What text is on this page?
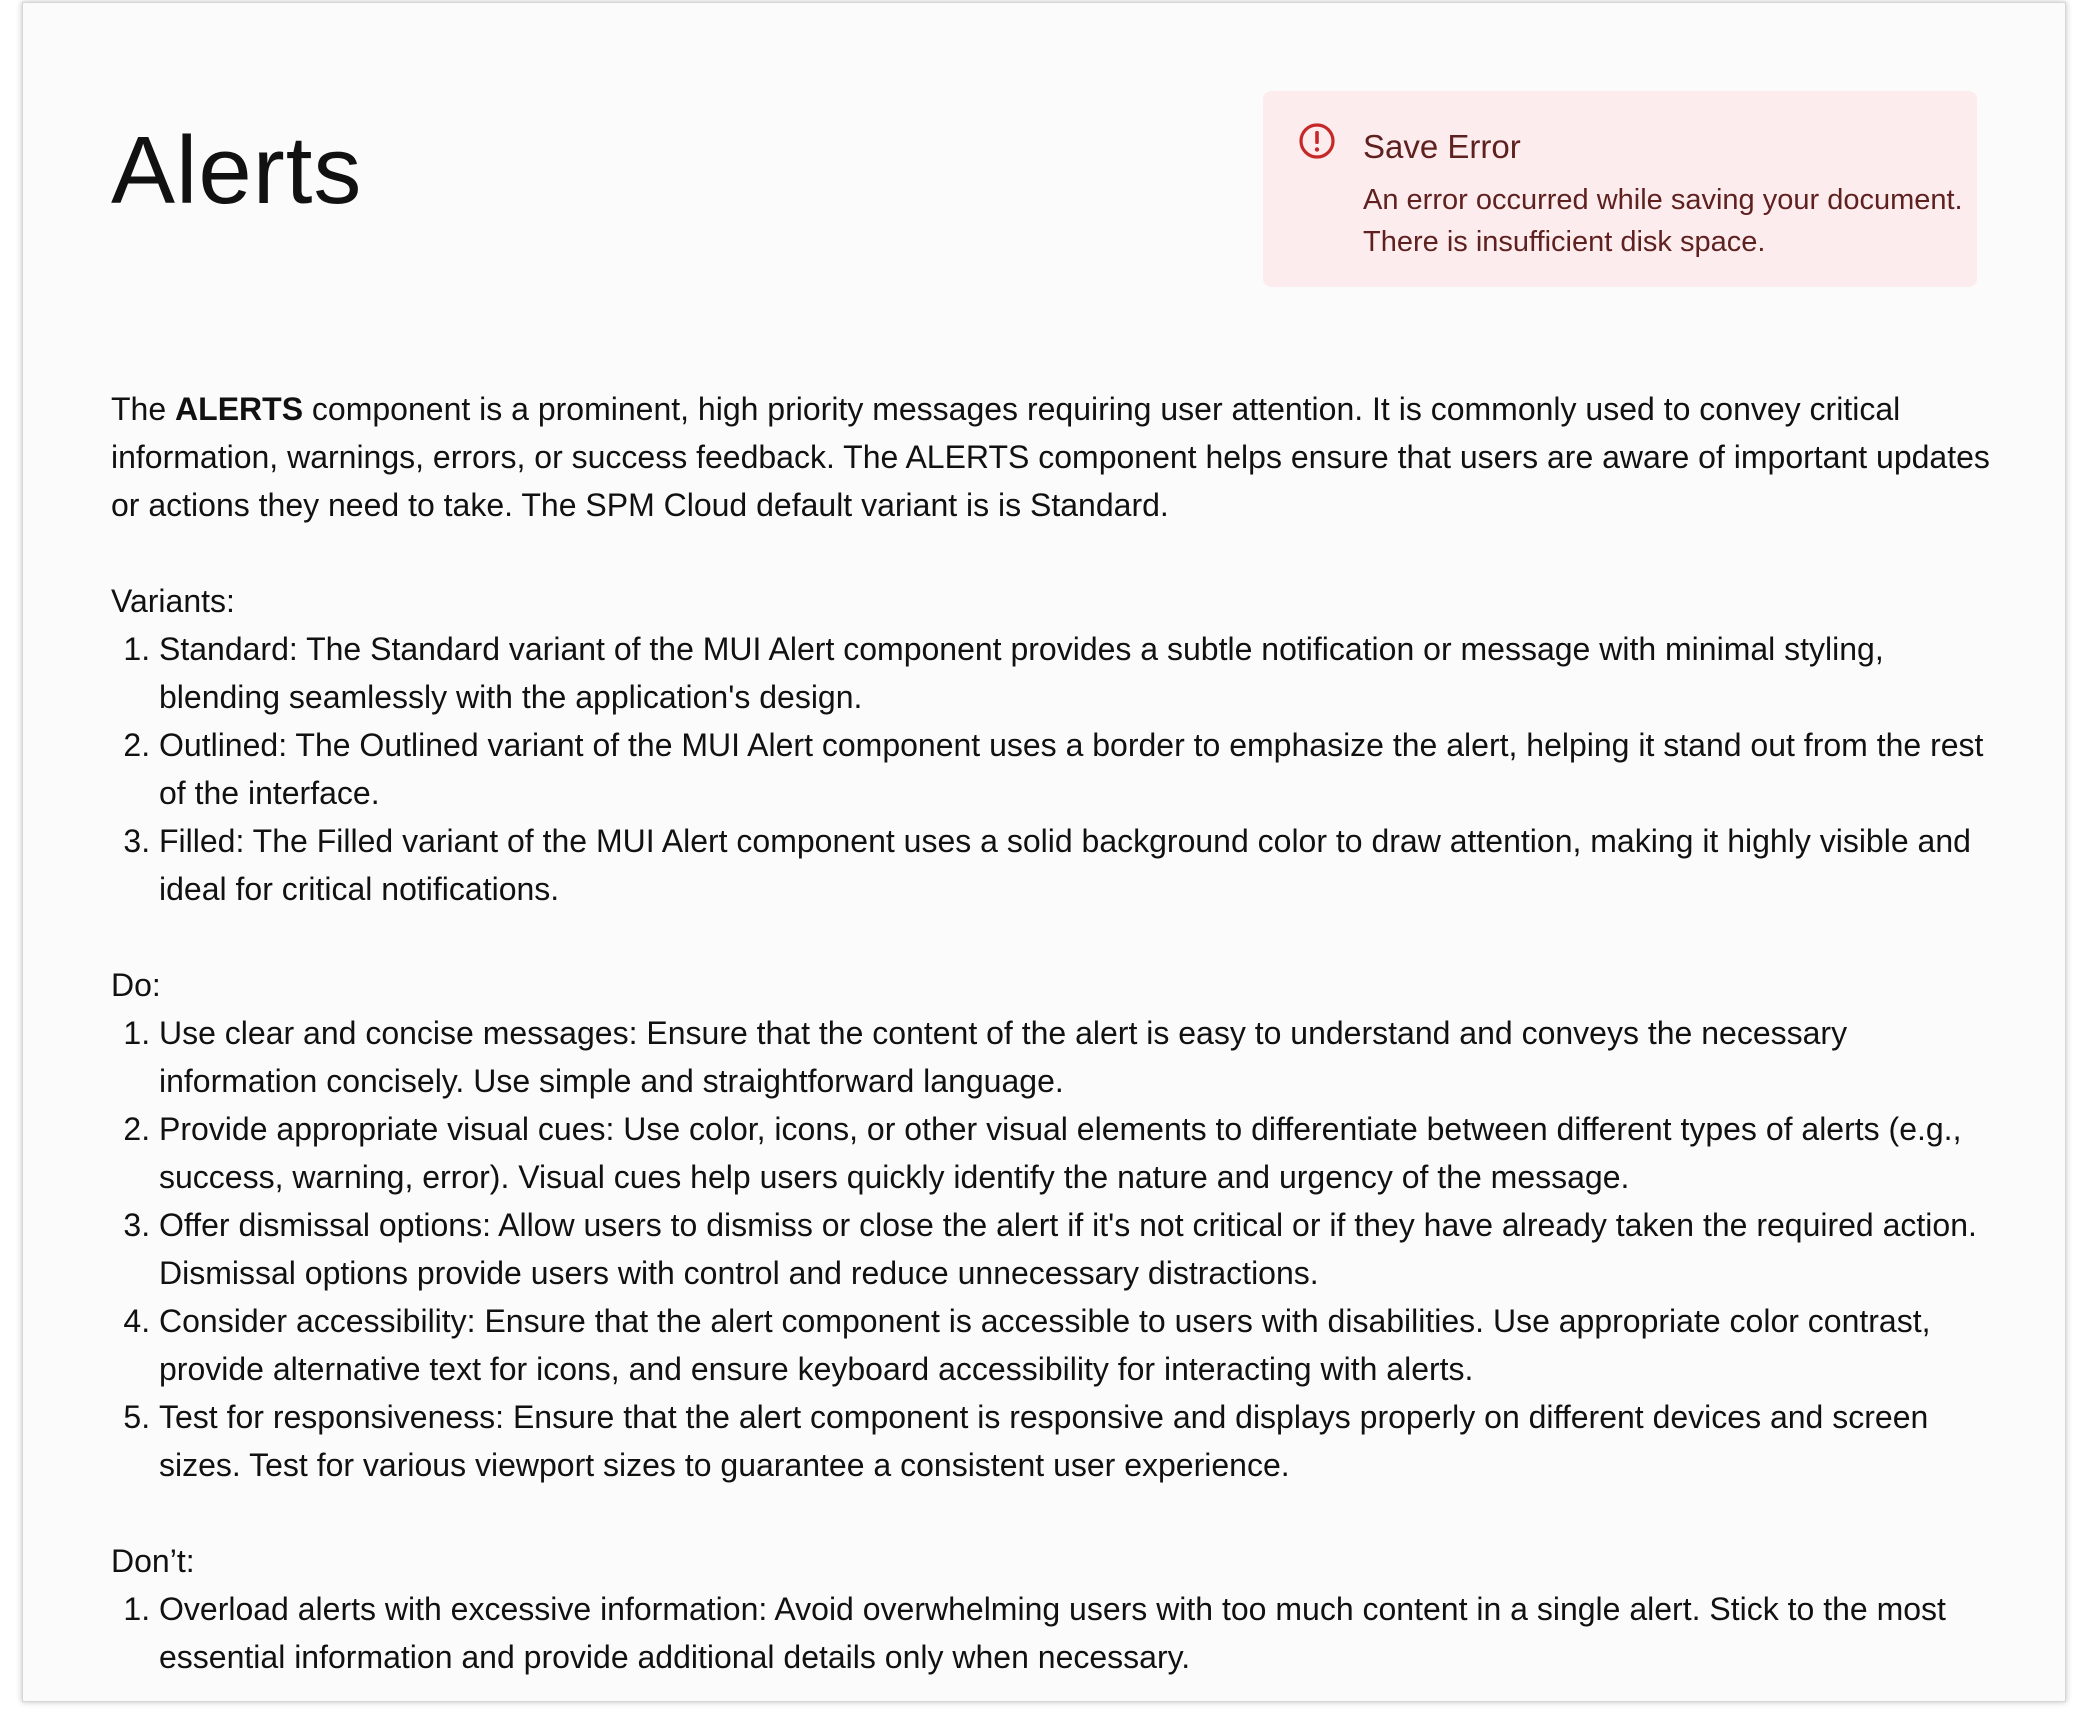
Alerts	Save Error
An error occurred while saving your document. There is insufficient disk space.

The ALERTS component is a prominent, high priority messages requiring user attention. It is commonly used to convey critical information, warnings, errors, or success feedback. The ALERTS component helps ensure that users are aware of important updates or actions they need to take. The SPM Cloud default variant is is Standard.

Variants:

1. Standard: The Standard variant of the MUI Alert component provides a subtle notification or message with minimal styling, blending seamlessly with the application's design.
2. Outlined: The Outlined variant of the MUI Alert component uses a border to emphasize the alert, helping it stand out from the rest of the interface.
3. Filled: The Filled variant of the MUI Alert component uses a solid background color to draw attention, making it highly visible and ideal for critical notifications.

Do:

1. Use clear and concise messages: Ensure that the content of the alert is easy to understand and conveys the necessary information concisely. Use simple and straightforward language.
2. Provide appropriate visual cues: Use color, icons, or other visual elements to differentiate between different types of alerts (e.g., success, warning, error). Visual cues help users quickly identify the nature and urgency of the message.
3. Offer dismissal options: Allow users to dismiss or close the alert if it's not critical or if they have already taken the required action. Dismissal options provide users with control and reduce unnecessary distractions.
4. Consider accessibility: Ensure that the alert component is accessible to users with disabilities. Use appropriate color contrast, provide alternative text for icons, and ensure keyboard accessibility for interacting with alerts.
5. Test for responsiveness: Ensure that the alert component is responsive and displays properly on different devices and screen sizes. Test for various viewport sizes to guarantee a consistent user experience.

Don’t:

1. Overload alerts with excessive information: Avoid overwhelming users with too much content in a single alert. Stick to the most essential information and provide additional details only when necessary.
